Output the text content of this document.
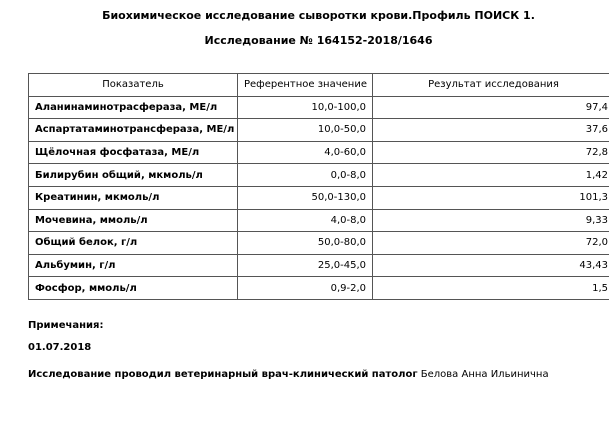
Биохимическое исследование сыворотки крови.Профиль ПОИСК 1.
Исследование № 164152-2018/1646
Показатель	Референтное значение	Результат исследования
Аланинаминотрасфераза, МЕ/л	10,0-100,0	97,4
Аспартатаминотрансфераза, МЕ/л	10,0-50,0	37,6
Щёлочная фосфатаза, МЕ/л	4,0-60,0	72,8
Билирубин общий, мкмоль/л	0,0-8,0	1,42
Креатинин, мкмоль/л	50,0-130,0	101,3
Мочевина, ммоль/л	4,0-8,0	9,33
Общий белок, г/л	50,0-80,0	72,0
Альбумин, г/л	25,0-45,0	43,43
Фосфор, ммоль/л	0,9-2,0	1,5
Примечания:
01.07.2018
Исследование проводил ветеринарный врач-клинический патолог Белова Анна Ильинична
